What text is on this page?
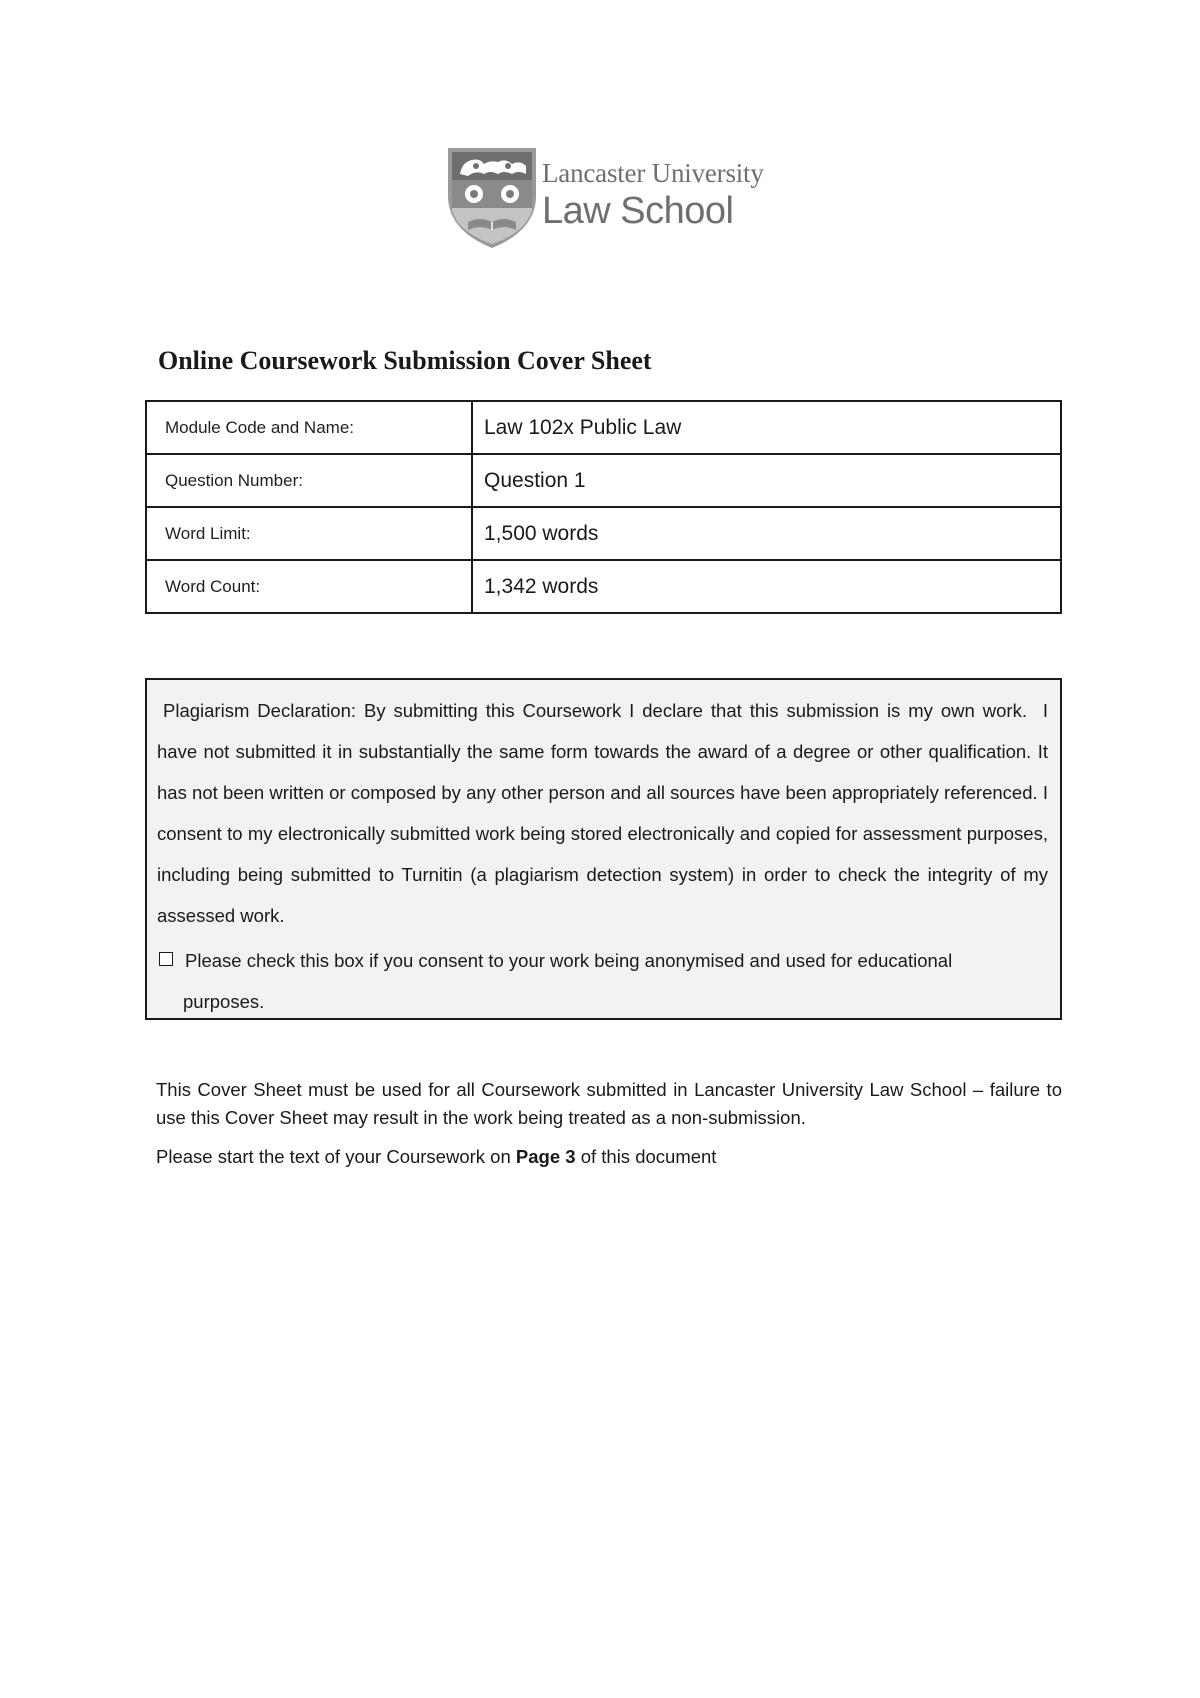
Lancaster University
Law School
Online Coursework Submission Cover Sheet
Module Code and Name:	Law 102x Public Law
Question Number:	Question 1
Word Limit:	1,500 words
Word Count:	1,342 words
Plagiarism Declaration: By submitting this Coursework I declare that this submission is my own work.  I have not submitted it in substantially the same form towards the award of a degree or other qualification. It has not been written or composed by any other person and all sources have been appropriately referenced. I consent to my electronically submitted work being stored electronically and copied for assessment purposes, including being submitted to Turnitin (a plagiarism detection system) in order to check the integrity of my assessed work.
Please check this box if you consent to your work being anonymised and used for educational
purposes.
This Cover Sheet must be used for all Coursework submitted in Lancaster University Law School – failure to use this Cover Sheet may result in the work being treated as a non-submission.
Please start the text of your Coursework on Page 3 of this document
